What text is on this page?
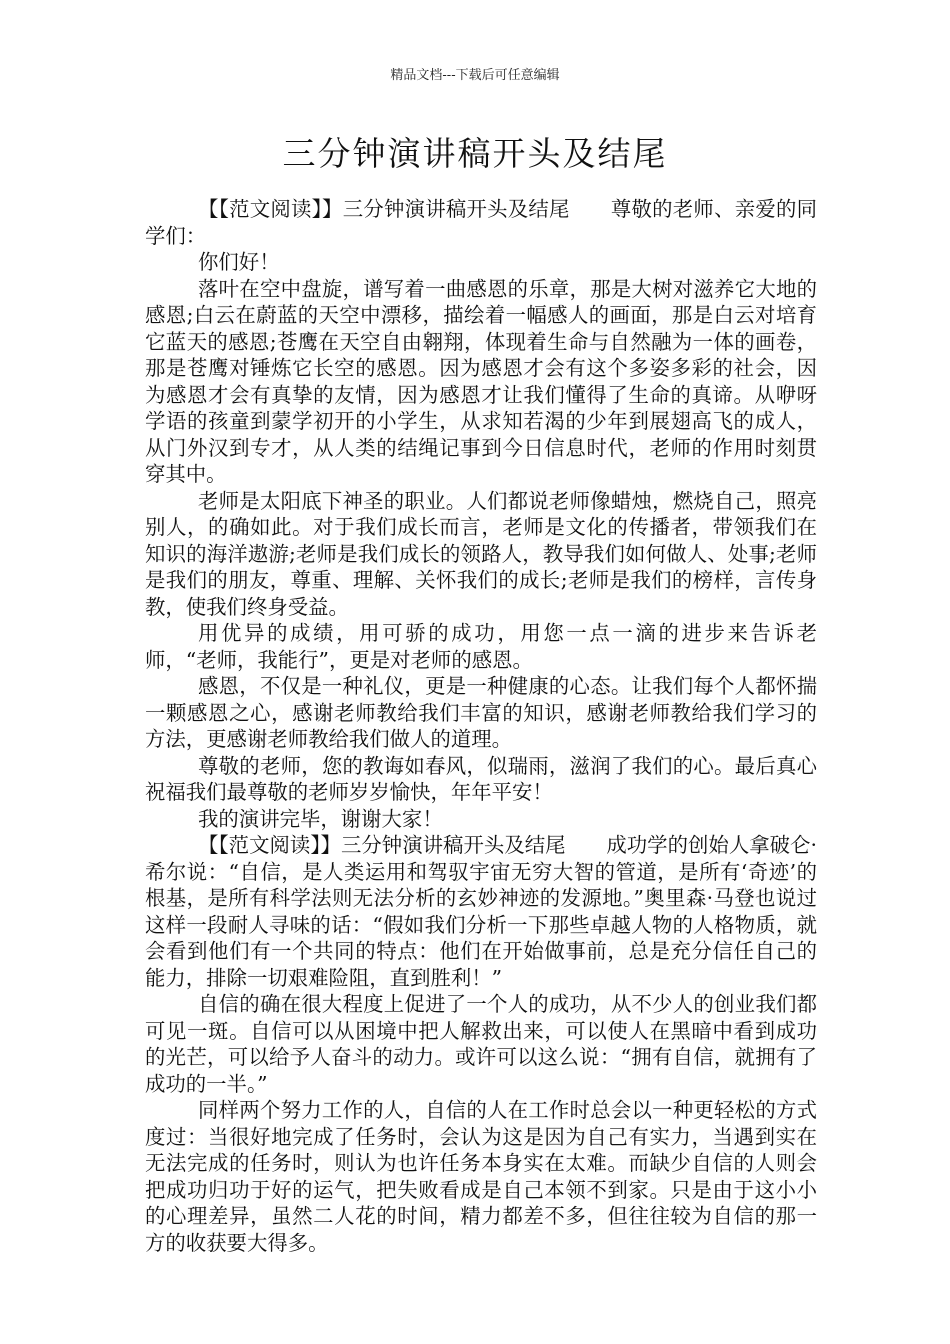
精品文档---下载后可任意编辑
三分钟演讲稿开头及结尾

【【范文阅读】】三分钟演讲稿开头及结尾　　尊敬的老师、亲爱的同学们：

你们好！

落叶在空中盘旋，谱写着一曲感恩的乐章，那是大树对滋养它大地的感恩;白云在蔚蓝的天空中漂移，描绘着一幅感人的画面，那是白云对培育它蓝天的感恩;苍鹰在天空自由翱翔，体现着生命与自然融为一体的画卷，那是苍鹰对锤炼它长空的感恩。因为感恩才会有这个多姿多彩的社会，因为感恩才会有真挚的友情，因为感恩才让我们懂得了生命的真谛。从咿呀学语的孩童到蒙学初开的小学生，从求知若渴的少年到展翅高飞的成人，从门外汉到专才，从人类的结绳记事到今日信息时代，老师的作用时刻贯穿其中。

老师是太阳底下神圣的职业。人们都说老师像蜡烛，燃烧自己，照亮别人，的确如此。对于我们成长而言，老师是文化的传播者，带领我们在知识的海洋遨游;老师是我们成长的领路人，教导我们如何做人、处事;老师是我们的朋友，尊重、理解、关怀我们的成长;老师是我们的榜样，言传身教，使我们终身受益。

用优异的成绩，用可骄的成功，用您一点一滴的进步来告诉老师，“老师，我能行”，更是对老师的感恩。

感恩，不仅是一种礼仪，更是一种健康的心态。让我们每个人都怀揣一颗感恩之心，感谢老师教给我们丰富的知识，感谢老师教给我们学习的方法，更感谢老师教给我们做人的道理。

尊敬的老师，您的教诲如春风，似瑞雨，滋润了我们的心。最后真心祝福我们最尊敬的老师岁岁愉快，年年平安！

我的演讲完毕，谢谢大家！

【【范文阅读】】三分钟演讲稿开头及结尾　　成功学的创始人拿破仑·希尔说：“自信，是人类运用和驾驭宇宙无穷大智的管道，是所有‘奇迹’的根基，是所有科学法则无法分析的玄妙神迹的发源地。”奥里森·马登也说过这样一段耐人寻味的话：“假如我们分析一下那些卓越人物的人格物质，就会看到他们有一个共同的特点：他们在开始做事前，总是充分信任自己的能力，排除一切艰难险阻，直到胜利！”

自信的确在很大程度上促进了一个人的成功，从不少人的创业我们都可见一斑。自信可以从困境中把人解救出来，可以使人在黑暗中看到成功的光芒，可以给予人奋斗的动力。或许可以这么说：“拥有自信，就拥有了成功的一半。”

同样两个努力工作的人，自信的人在工作时总会以一种更轻松的方式度过：当很好地完成了任务时，会认为这是因为自己有实力，当遇到实在无法完成的任务时，则认为也许任务本身实在太难。而缺少自信的人则会把成功归功于好的运气，把失败看成是自己本领不到家。只是由于这小小的心理差异，虽然二人花的时间，精力都差不多，但往往较为自信的那一方的收获要大得多。
